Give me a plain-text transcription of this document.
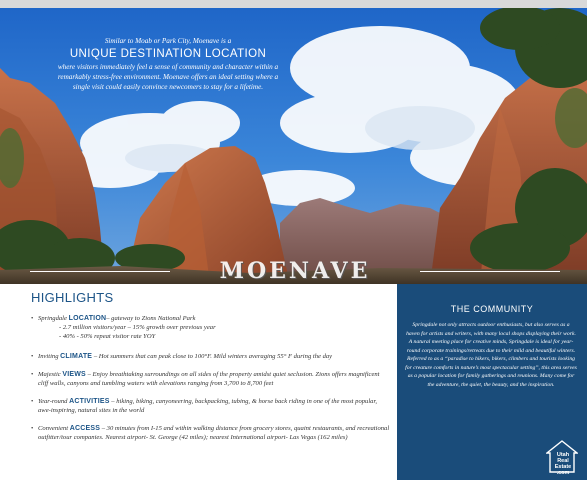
Similar to Moab or Park City, Moenave is a
UNIQUE DESTINATION LOCATION
where visitors immediately feel a sense of community and character within a remarkably stress-free environment. Moenave offers an ideal setting where a single visit could easily convince newcomers to stay for a lifetime.
MOENAVE
HIGHLIGHTS
• Springdale LOCATION– gateway to Zions National Park
- 2.7 million visitors/year – 15% growth over previous year
- 40% - 50% repeat visitor rate YOY
• Inviting CLIMATE – Hot summers that can peak close to 100°F. Mild winters averaging 55° F during the day
• Majestic VIEWS – Enjoy breathtaking surroundings on all sides of the property amidst quiet seclusion. Zions offers magnificent cliff walls, canyons and tumbling waters with elevations ranging from 3,700 to 8,700 feet
• Year-round ACTIVITIES – hiking, biking, canyoneering, backpacking, tubing, & horse back riding in one of the most popular, awe-inspiring, natural sites in the world
• Convenient ACCESS – 30 minutes from I-15 and within walking distance from grocery stores, quaint restaurants, and recreational outfitter/tour companies. Nearest airport- St. George (42 miles); nearest International airport- Las Vegas (162 miles)
THE COMMUNITY

Springdale not only attracts outdoor enthusiasts, but also serves as a haven for artists and writers, with many local shops displaying their work. A natural meeting place for creative minds, Springdale is ideal for year-round corporate trainings/retreats due to their mild and beautiful winters. Referred to as a “paradise to hikers, bikers, climbers and tourists looking for creature comforts in nature’s most spectacular setting”, this area serves as a popular location for family gatherings and reunions. Many come for the adventure, the quiet, the beauty, and the inspiration.

Utah
Real
Estate
.com
